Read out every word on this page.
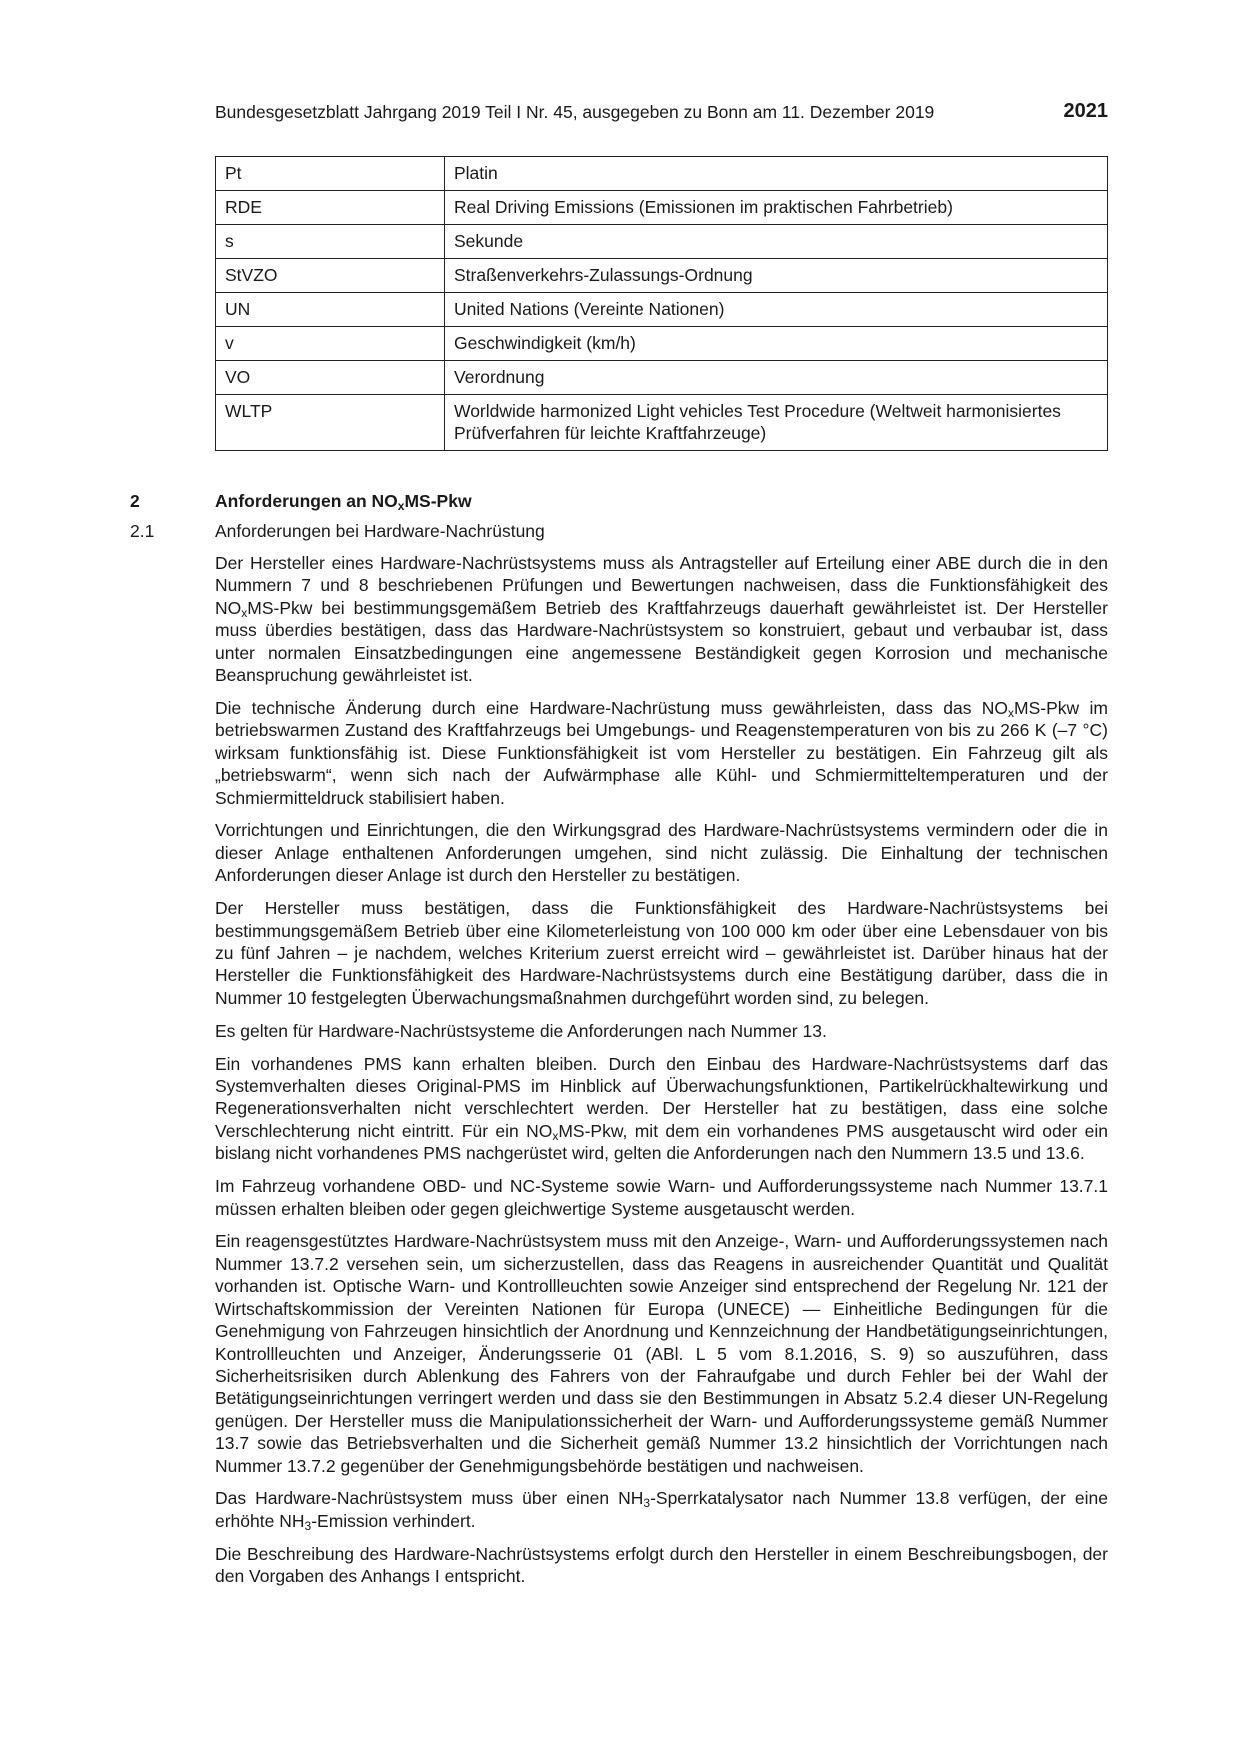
Bundesgesetzblatt Jahrgang 2019 Teil I Nr. 45, ausgegeben zu Bonn am 11. Dezember 2019	2021
Pt	Platin
RDE	Real Driving Emissions (Emissionen im praktischen Fahrbetrieb)
s	Sekunde
StVZO	Straßenverkehrs-Zulassungs-Ordnung
UN	United Nations (Vereinte Nationen)
v	Geschwindigkeit (km/h)
VO	Verordnung
WLTP	Worldwide harmonized Light vehicles Test Procedure (Weltweit harmonisiertes Prüfverfahren für leichte Kraftfahrzeuge)
2	Anforderungen an $NO_xMS$-Pkw
2.1	Anforderungen bei Hardware-Nachrüstung

Der Hersteller eines Hardware-Nachrüstsystems muss als Antragsteller auf Erteilung einer ABE durch die in den Nummern 7 und 8 beschriebenen Prüfungen und Bewertungen nachweisen, dass die Funktionsfähigkeit des $NO_xMS$-Pkw bei bestimmungsgemäßem Betrieb des Kraftfahrzeugs dauerhaft gewährleistet ist. Der Hersteller muss überdies bestätigen, dass das Hardware-Nachrüstsystem so konstruiert, gebaut und verbaubar ist, dass unter normalen Einsatzbedingungen eine angemessene Beständigkeit gegen Korrosion und mechanische Beanspruchung gewährleistet ist.

Die technische Änderung durch eine Hardware-Nachrüstung muss gewährleisten, dass das $NO_xMS$-Pkw im betriebswarmen Zustand des Kraftfahrzeugs bei Umgebungs- und Reagenstemperaturen von bis zu 266 K (–7 °C) wirksam funktionsfähig ist. Diese Funktionsfähigkeit ist vom Hersteller zu bestätigen. Ein Fahrzeug gilt als „betriebswarm“, wenn sich nach der Aufwärmphase alle Kühl- und Schmiermitteltemperaturen und der Schmiermitteldruck stabilisiert haben.

Vorrichtungen und Einrichtungen, die den Wirkungsgrad des Hardware-Nachrüstsystems vermindern oder die in dieser Anlage enthaltenen Anforderungen umgehen, sind nicht zulässig. Die Einhaltung der technischen Anforderungen dieser Anlage ist durch den Hersteller zu bestätigen.

Der Hersteller muss bestätigen, dass die Funktionsfähigkeit des Hardware-Nachrüstsystems bei bestimmungsgemäßem Betrieb über eine Kilometerleistung von 100 000 km oder über eine Lebensdauer von bis zu fünf Jahren – je nachdem, welches Kriterium zuerst erreicht wird – gewährleistet ist. Darüber hinaus hat der Hersteller die Funktionsfähigkeit des Hardware-Nachrüstsystems durch eine Bestätigung darüber, dass die in Nummer 10 festgelegten Überwachungsmaßnahmen durchgeführt worden sind, zu belegen.

Es gelten für Hardware-Nachrüstsysteme die Anforderungen nach Nummer 13.

Ein vorhandenes PMS kann erhalten bleiben. Durch den Einbau des Hardware-Nachrüstsystems darf das Systemverhalten dieses Original-PMS im Hinblick auf Überwachungsfunktionen, Partikelrückhaltewirkung und Regenerationsverhalten nicht verschlechtert werden. Der Hersteller hat zu bestätigen, dass eine solche Verschlechterung nicht eintritt. Für ein $NO_xMS$-Pkw, mit dem ein vorhandenes PMS ausgetauscht wird oder ein bislang nicht vorhandenes PMS nachgerüstet wird, gelten die Anforderungen nach den Nummern 13.5 und 13.6.

Im Fahrzeug vorhandene OBD- und NC-Systeme sowie Warn- und Aufforderungssysteme nach Nummer 13.7.1 müssen erhalten bleiben oder gegen gleichwertige Systeme ausgetauscht werden.

Ein reagensgestütztes Hardware-Nachrüstsystem muss mit den Anzeige-, Warn- und Aufforderungssystemen nach Nummer 13.7.2 versehen sein, um sicherzustellen, dass das Reagens in ausreichender Quantität und Qualität vorhanden ist. Optische Warn- und Kontrollleuchten sowie Anzeiger sind entsprechend der Regelung Nr. 121 der Wirtschaftskommission der Vereinten Nationen für Europa (UNECE) — Einheitliche Bedingungen für die Genehmigung von Fahrzeugen hinsichtlich der Anordnung und Kennzeichnung der Handbetätigungseinrichtungen, Kontrollleuchten und Anzeiger, Änderungsserie 01 (ABl. L 5 vom 8.1.2016, S. 9) so auszuführen, dass Sicherheitsrisiken durch Ablenkung des Fahrers von der Fahraufgabe und durch Fehler bei der Wahl der Betätigungseinrichtungen verringert werden und dass sie den Bestimmungen in Absatz 5.2.4 dieser UN-Regelung genügen. Der Hersteller muss die Manipulationssicherheit der Warn- und Aufforderungssysteme gemäß Nummer 13.7 sowie das Betriebsverhalten und die Sicherheit gemäß Nummer 13.2 hinsichtlich der Vorrichtungen nach Nummer 13.7.2 gegenüber der Genehmigungsbehörde bestätigen und nachweisen.

Das Hardware-Nachrüstsystem muss über einen $NH_3$-Sperrkatalysator nach Nummer 13.8 verfügen, der eine erhöhte $NH_3$-Emission verhindert.

Die Beschreibung des Hardware-Nachrüstsystems erfolgt durch den Hersteller in einem Beschreibungsbogen, der den Vorgaben des Anhangs I entspricht.
